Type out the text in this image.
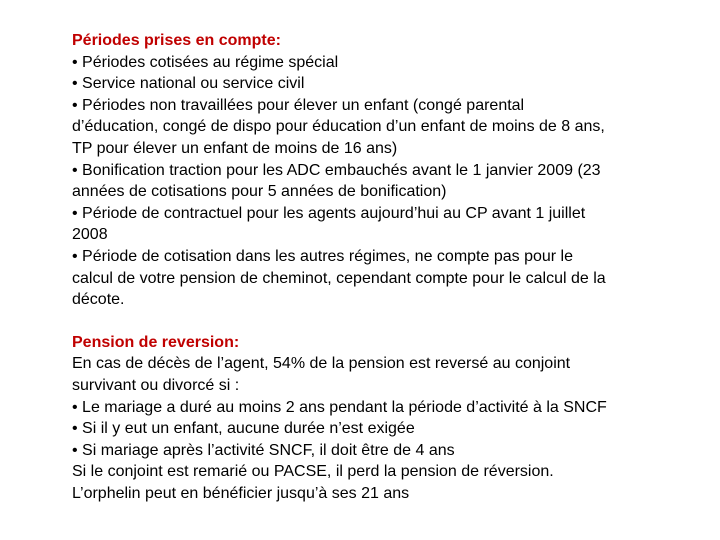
Périodes prises en compte:
• Périodes cotisées au régime spécial
• Service national ou service civil
• Périodes non travaillées pour élever un enfant (congé parental
d’éducation, congé de dispo pour éducation d’un enfant de moins de 8 ans,
TP pour élever un enfant de moins de 16 ans)
• Bonification traction pour les ADC embauchés avant le 1 janvier 2009 (23
années de cotisations pour 5 années de bonification)
• Période de contractuel pour les agents aujourd’hui au CP avant 1 juillet
2008
• Période de cotisation dans les autres régimes, ne compte pas pour le
calcul de votre pension de cheminot, cependant compte pour le calcul de la
décote.
Pension de reversion:
En cas de décès de l’agent, 54% de la pension est reversé au conjoint
survivant ou divorcé si :
• Le mariage a duré au moins 2 ans pendant la période d’activité à la SNCF
• Si il y eut un enfant, aucune durée n’est exigée
• Si mariage après l’activité SNCF, il doit être de 4 ans
Si le conjoint est remarié ou PACSE, il perd la pension de réversion.
L’orphelin peut en bénéficier jusqu’à ses 21 ans
